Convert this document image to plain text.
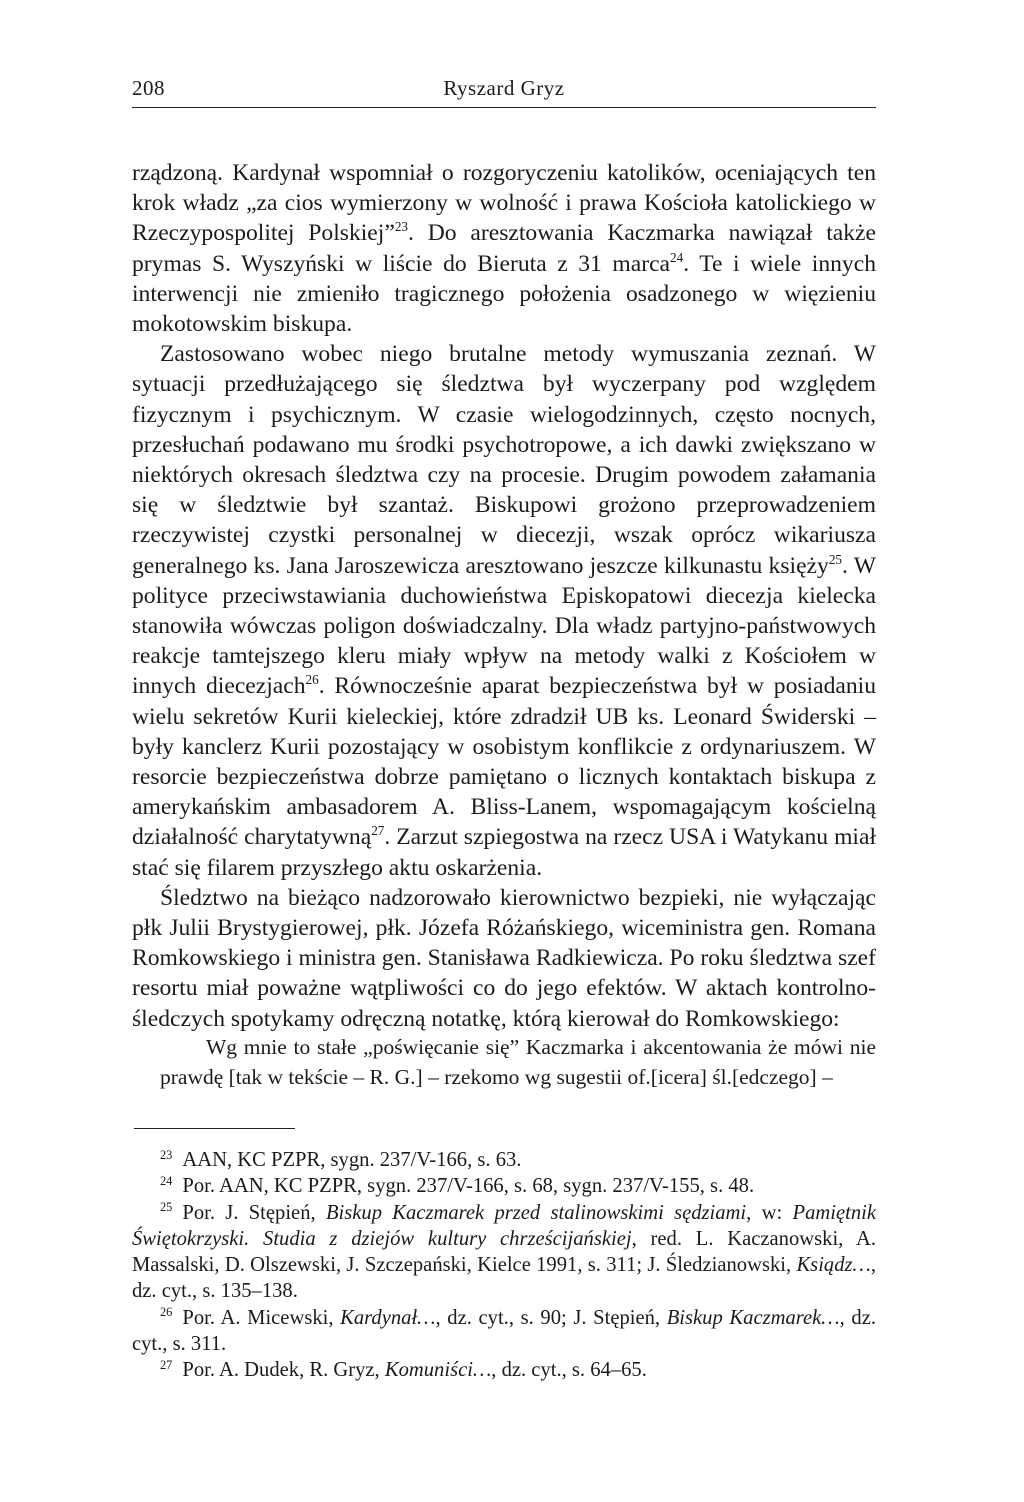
208	Ryszard Gryz

rządzoną. Kardynał wspomniał o rozgoryczeniu katolików, oceniających ten krok władz „za cios wymierzony w wolność i prawa Kościoła katolickiego w Rzeczypospolitej Polskiej”$^{23}$. Do aresztowania Kaczmarka nawiązał także prymas S. Wyszyński w liście do Bieruta z 31 marca$^{24}$. Te i wiele innych interwencji nie zmieniło tragicznego położenia osadzonego w więzieniu mokotowskim biskupa.

Zastosowano wobec niego brutalne metody wymuszania zeznań. W sytuacji przedłużającego się śledztwa był wyczerpany pod względem fizycznym i psychicznym. W czasie wielogodzinnych, często nocnych, przesłuchań podawano mu środki psychotropowe, a ich dawki zwiększano w niektórych okresach śledztwa czy na procesie. Drugim powodem załamania się w śledztwie był szantaż. Biskupowi grożono przeprowadzeniem rzeczywistej czystki personalnej w diecezji, wszak oprócz wikariusza generalnego ks. Jana Jaroszewicza aresztowano jeszcze kilkunastu księży$^{25}$. W polityce przeciwstawiania duchowieństwa Episkopatowi diecezja kielecka stanowiła wówczas poligon doświadczalny. Dla władz partyjno-państwowych reakcje tamtejszego kleru miały wpływ na metody walki z Kościołem w innych diecezjach$^{26}$. Równocześnie aparat bezpieczeństwa był w posiadaniu wielu sekretów Kurii kieleckiej, które zdradził UB ks. Leonard Świderski – były kanclerz Kurii pozostający w osobistym konflikcie z ordynariuszem. W resorcie bezpieczeństwa dobrze pamiętano o licznych kontaktach biskupa z amerykańskim ambasadorem A. Bliss-Lanem, wspomagającym kościelną działalność charytatywną$^{27}$. Zarzut szpiegostwa na rzecz USA i Watykanu miał stać się filarem przyszłego aktu oskarżenia.

Śledztwo na bieżąco nadzorowało kierownictwo bezpieki, nie wyłączając płk Julii Brystygierowej, płk. Józefa Różańskiego, wiceministra gen. Romana Romkowskiego i ministra gen. Stanisława Radkiewicza. Po roku śledztwa szef resortu miał poważne wątpliwości co do jego efektów. W aktach kontrolno-śledczych spotykamy odręczną notatkę, którą kierował do Romkowskiego:

Wg mnie to stałe „poświęcanie się” Kaczmarka i akcentowania że mówi nie prawdę [tak w tekście – R. G.] – rzekomo wg sugestii of.[icera] śl.[edczego] –

$^{23}$ AAN, KC PZPR, sygn. 237/V-166, s. 63.

$^{24}$ Por. AAN, KC PZPR, sygn. 237/V-166, s. 68, sygn. 237/V-155, s. 48.

$^{25}$ Por. J. Stępień, Biskup Kaczmarek przed stalinowskimi sędziami, w: Pamiętnik Świętokrzyski. Studia z dziejów kultury chrześcijańskiej, red. L. Kaczanowski, A. Massalski, D. Olszewski, J. Szczepański, Kielce 1991, s. 311; J. Śledzianowski, Ksiądz…, dz. cyt., s. 135–138.

$^{26}$ Por. A. Micewski, Kardynał…, dz. cyt., s. 90; J. Stępień, Biskup Kaczmarek…, dz. cyt., s. 311.

$^{27}$ Por. A. Dudek, R. Gryz, Komuniści…, dz. cyt., s. 64–65.
